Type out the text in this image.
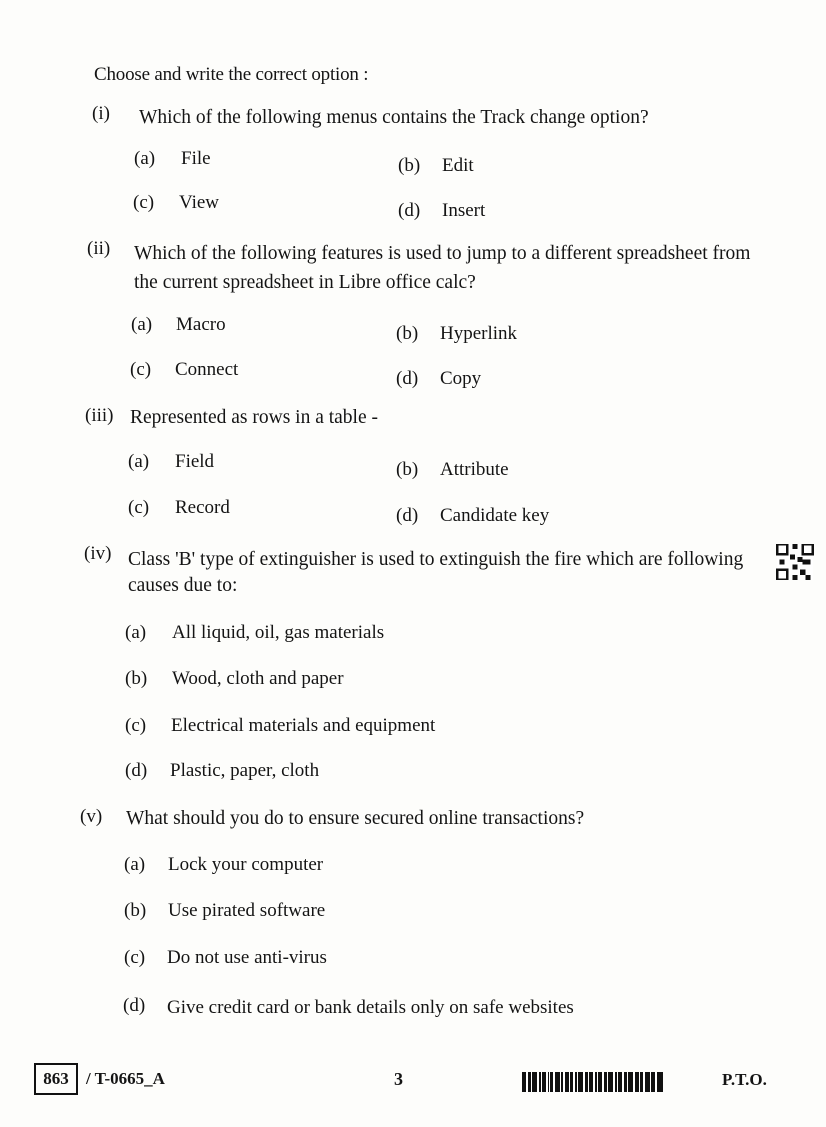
Choose and write the correct option :
(i) Which of the following menus contains the Track change option?
(a) File	(b) Edit
(c) View	(d) Insert
(ii) Which of the following features is used to jump to a different spreadsheet from
the current spreadsheet in Libre office calc?
(a) Macro	(b) Hyperlink
(c) Connect	(d) Copy
(iii) Represented as rows in a table -
(a) Field	(b) Attribute
(c) Record	(d) Candidate key
(iv) Class 'B' type of extinguisher is used to extinguish the fire which are following
causes due to:
(a) All liquid, oil, gas materials
(b) Wood, cloth and paper
(c) Electrical materials and equipment
(d) Plastic, paper, cloth
(v) What should you do to ensure secured online transactions?
(a) Lock your computer
(b) Use pirated software
(c) Do not use anti-virus
(d) Give credit card or bank details only on safe websites
863	/ T-0665_A	3	P.T.O.
